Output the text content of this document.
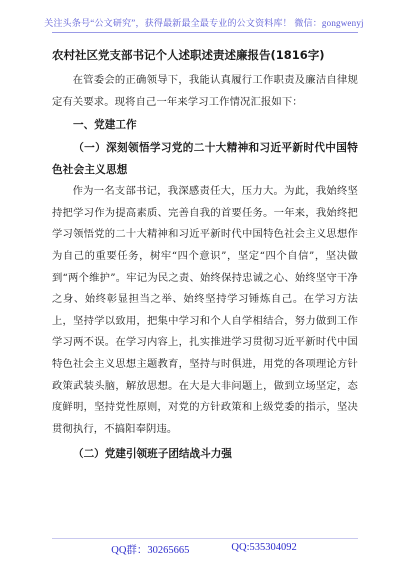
关注头条号“公文研究”，获得最新最全最专业的公文资料库！ 微信：gongwenyj
农村社区党支部书记个人述职述责述廉报告(1816字)

在管委会的正确领导下，我能认真履行工作职责及廉洁自律规定有关要求。现将自己一年来学习工作情况汇报如下：

一、党建工作
（一）深刻领悟学习党的二十大精神和习近平新时代中国特色社会主义思想

作为一名支部书记，我深感责任大，压力大。为此，我始终坚持把学习作为提高素质、完善自我的首要任务。一年来，我始终把学习领悟党的二十大精神和习近平新时代中国特色社会主义思想作为自己的重要任务，树牢“四个意识”，坚定“四个自信”，坚决做到“两个维护”。牢记为民之责、始终保持忠诚之心、始终坚守干净之身、始终彰显担当之举、始终坚持学习锤炼自己。在学习方法上，坚持学以致用，把集中学习和个人自学相结合，努力做到工作学习两不误。在学习内容上，扎实推进学习贯彻习近平新时代中国特色社会主义思想主题教育，坚持与时俱进，用党的各项理论方针政策武装头脑，解放思想。在大是大非问题上，做到立场坚定，态度鲜明，坚持党性原则，对党的方针政策和上级党委的指示，坚决贯彻执行，不搞阳奉阴违。

（二）党建引领班子团结战斗力强
QQ群：30265665	QQ:535304092
